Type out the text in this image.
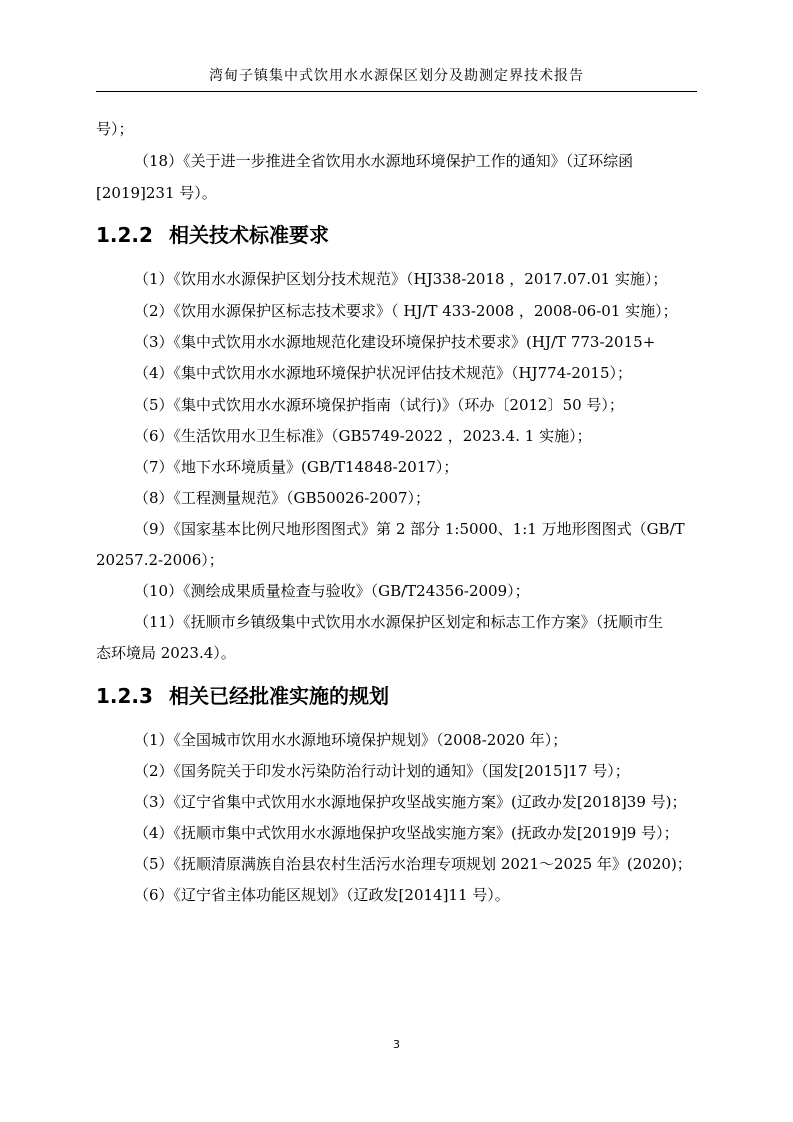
湾甸子镇集中式饮用水水源保区划分及勘测定界技术报告
号）；
（18）《关于进一步推进全省饮用水水源地环境保护工作的通知》（辽环综函
[2019]231 号）。
1.2.2 相关技术标准要求
（1）《饮用水水源保护区划分技术规范》（HJ338-2018 ，2017.07.01 实施）；
（2）《饮用水源保护区标志技术要求》（ HJ/T 433-2008 ，2008-06-01 实施）；
（3）《集中式饮用水水源地规范化建设环境保护技术要求》(HJ/T 773-2015+
（4）《集中式饮用水水源地环境保护状况评估技术规范》（HJ774-2015）；
（5）《集中式饮用水水源环境保护指南（试行)》（环办〔2012〕50 号）；
（6）《生活饮用水卫生标准》（GB5749-2022 ，2023.4. 1 实施）；
（7）《地下水环境质量》(GB/T14848-2017）；
（8）《工程测量规范》（GB50026-2007）；
（9）《国家基本比例尺地形图图式》第 2 部分 1:5000、1:1 万地形图图式（GB/T
20257.2-2006）；
（10）《测绘成果质量检查与验收》（GB/T24356-2009）；
（11）《抚顺市乡镇级集中式饮用水水源保护区划定和标志工作方案》（抚顺市生
态环境局 2023.4）。
1.2.3 相关已经批准实施的规划
（1）《全国城市饮用水水源地环境保护规划》（2008-2020 年）；
（2）《国务院关于印发水污染防治行动计划的通知》（国发[2015]17 号）；
（3）《辽宁省集中式饮用水水源地保护攻坚战实施方案》(辽政办发[2018]39 号)；
（4）《抚顺市集中式饮用水水源地保护攻坚战实施方案》(抚政办发[2019]9 号）；
（5）《抚顺清原满族自治县农村生活污水治理专项规划 2021～2025 年》(2020)；
（6）《辽宁省主体功能区规划》（辽政发[2014]11 号）。
3
